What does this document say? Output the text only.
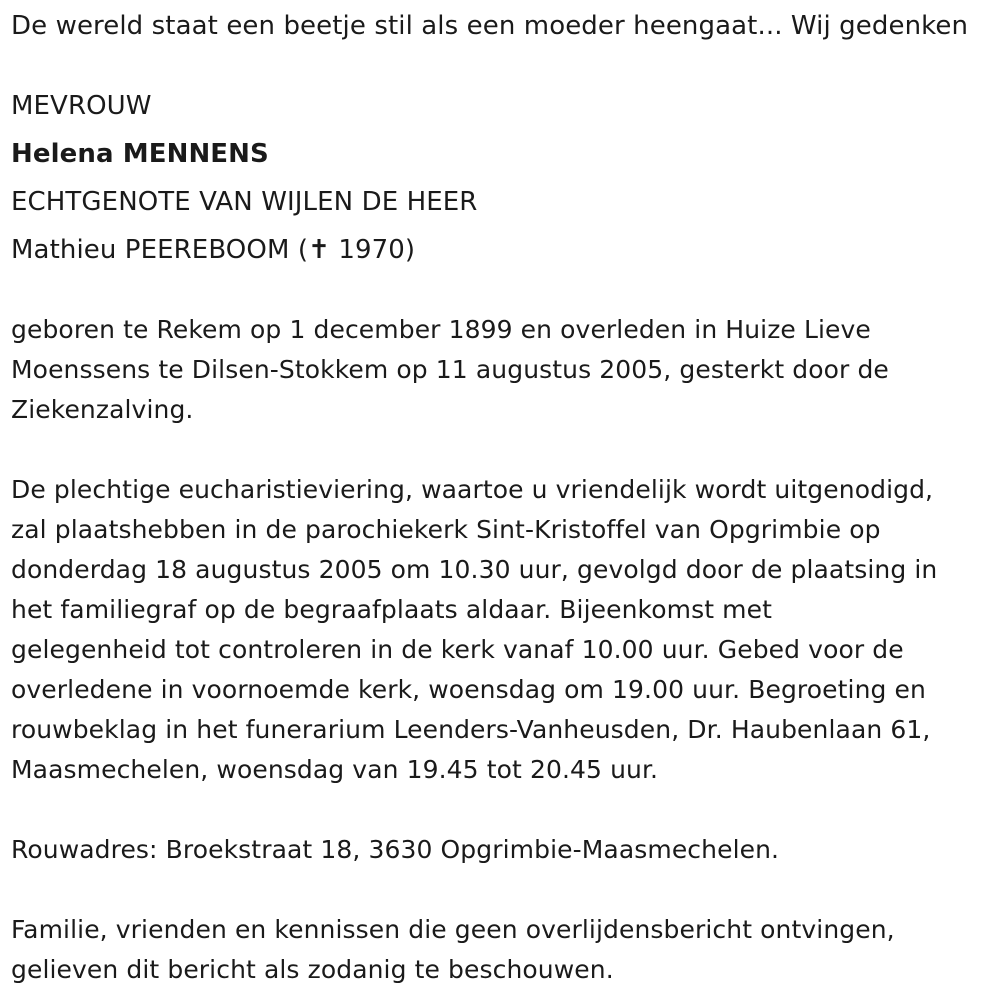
De wereld staat een beetje stil als een moeder heengaat... Wij gedenken
MEVROUW
Helena MENNENS
ECHTGENOTE VAN WIJLEN DE HEER
Mathieu PEEREBOOM (✝ 1970)
geboren te Rekem op 1 december 1899 en overleden in Huize Lieve
Moenssens te Dilsen-Stokkem op 11 augustus 2005, gesterkt door de
Ziekenzalving.
De plechtige eucharistieviering, waartoe u vriendelijk wordt uitgenodigd,
zal plaatshebben in de parochiekerk Sint-Kristoffel van Opgrimbie op
donderdag 18 augustus 2005 om 10.30 uur, gevolgd door de plaatsing in
het familiegraf op de begraafplaats aldaar. Bijeenkomst met
gelegenheid tot controleren in de kerk vanaf 10.00 uur. Gebed voor de
overledene in voornoemde kerk, woensdag om 19.00 uur. Begroeting en
rouwbeklag in het funerarium Leenders-Vanheusden, Dr. Haubenlaan 61,
Maasmechelen, woensdag van 19.45 tot 20.45 uur.
Rouwadres: Broekstraat 18, 3630 Opgrimbie-Maasmechelen.
Familie, vrienden en kennissen die geen overlijdensbericht ontvingen,
gelieven dit bericht als zodanig te beschouwen.
